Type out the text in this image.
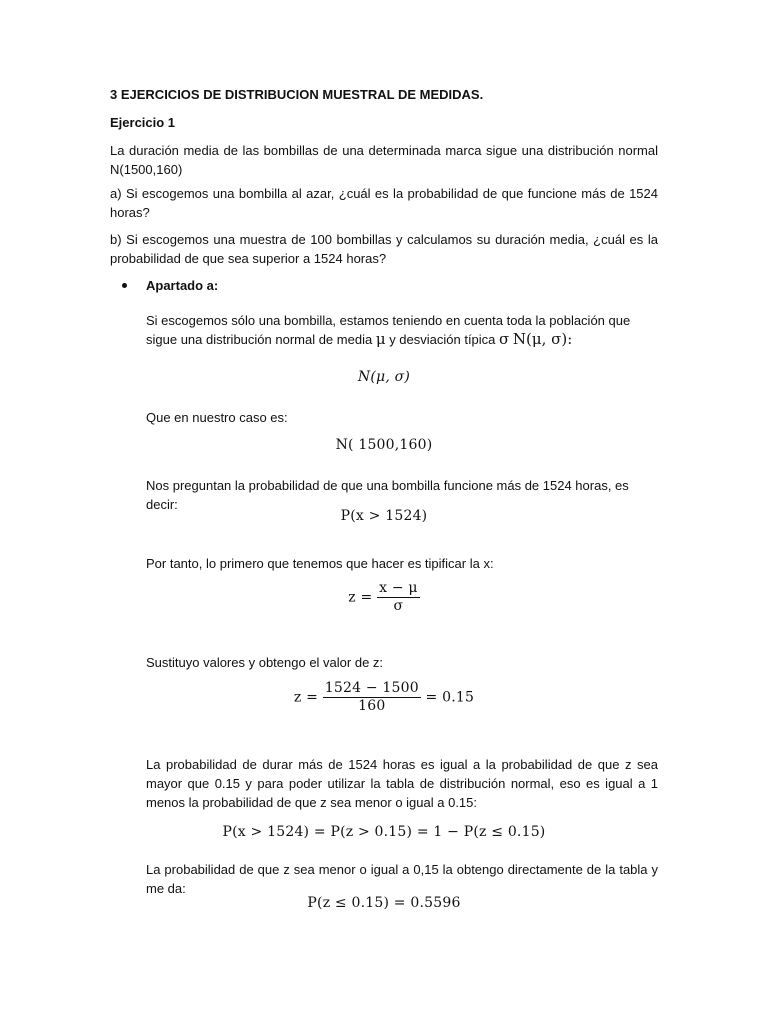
3 EJERCICIOS DE DISTRIBUCION MUESTRAL DE MEDIDAS.

Ejercicio 1

La duración media de las bombillas de una determinada marca sigue una distribución normal N(1500,160)

a) Si escogemos una bombilla al azar, ¿cuál es la probabilidad de que funcione más de 1524 horas?

b) Si escogemos una muestra de 100 bombillas y calculamos su duración media, ¿cuál es la probabilidad de que sea superior a 1524 horas?

Apartado a:

Si escogemos sólo una bombilla, estamos teniendo en cuenta toda la población que sigue una distribución normal de media μ y desviación típica σ N(μ, σ):

N(μ, σ)

Que en nuestro caso es:

N( 1500,160)

Nos preguntan la probabilidad de que una bombilla funcione más de 1524 horas, es decir:

P(x > 1524)

Por tanto, lo primero que tenemos que hacer es tipificar la x:

$z = \frac{x - \mu}{\sigma}$

Sustituyo valores y obtengo el valor de z:

$z = \frac{1524 - 1500}{160} = 0.15$

La probabilidad de durar más de 1524 horas es igual a la probabilidad de que z sea mayor que 0.15 y para poder utilizar la tabla de distribución normal, eso es igual a 1 menos la probabilidad de que z sea menor o igual a 0.15:

P(x > 1524) = P(z > 0.15) = 1 − P(z ≤ 0.15)

La probabilidad de que z sea menor o igual a 0,15 la obtengo directamente de la tabla y me da:

P(z ≤ 0.15) = 0.5596
